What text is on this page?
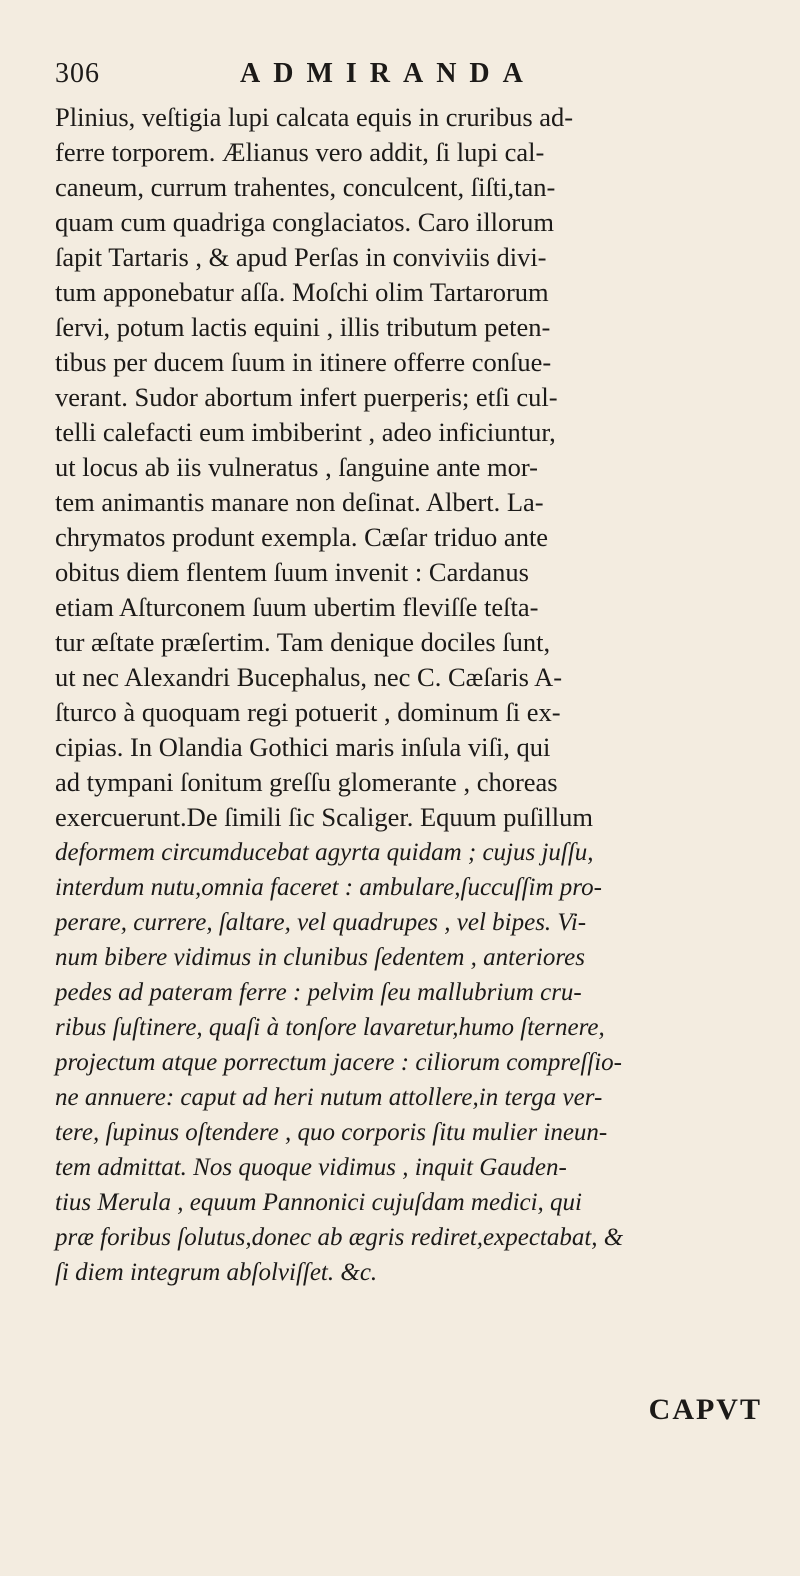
306	ADMIRANDA
Plinius, veſtigia lupi calcata equis in cruribus ad-
ferre torporem. Ælianus vero addit, ſi lupi cal-
caneum, currum trahentes, conculcent, ſiſti,tan-
quam cum quadriga conglaciatos. Caro illorum
ſapit Tartaris , & apud Perſas in conviviis divi-
tum apponebatur aſſa. Moſchi olim Tartarorum
ſervi, potum lactis equini , illis tributum peten-
tibus per ducem ſuum in itinere offerre conſue-
verant. Sudor abortum infert puerperis; etſi cul-
telli calefacti eum imbiberint , adeo inficiuntur,
ut locus ab iis vulneratus , ſanguine ante mor-
tem animantis manare non deſinat. Albert. La-
chrymatos produnt exempla. Cæſar triduo ante
obitus diem flentem ſuum invenit : Cardanus
etiam Aſturconem ſuum ubertim fleviſſe teſta-
tur æſtate præſertim. Tam denique dociles ſunt,
ut nec Alexandri Bucephalus, nec C. Cæſaris A-
ſturco à quoquam regi potuerit , dominum ſi ex-
cipias. In Olandia Gothici maris inſula viſi, qui
ad tympani ſonitum greſſu glomerante , choreas
exercuerunt.De ſimili ſic Scaliger. Equum puſillum
deformem circumducebat agyrta quidam ; cujus juſſu,
interdum nutu,omnia faceret : ambulare,ſuccuſſim pro-
perare, currere, ſaltare, vel quadrupes , vel bipes. Vi-
num bibere vidimus in clunibus ſedentem , anteriores
pedes ad pateram ferre : pelvim ſeu mallubrium cru-
ribus ſuſtinere, quaſi à tonſore lavaretur,humo ſternere,
projectum atque porrectum jacere : ciliorum compreſſio-
ne annuere: caput ad heri nutum attollere,in terga ver-
tere, ſupinus oſtendere , quo corporis ſitu mulier ineun-
tem admittat. Nos quoque vidimus , inquit Gauden-
tius Merula , equum Pannonici cujuſdam medici, qui
præ foribus ſolutus,donec ab ægris rediret,expectabat, &
ſi diem integrum abſolviſſet. &c.
CAPVT
